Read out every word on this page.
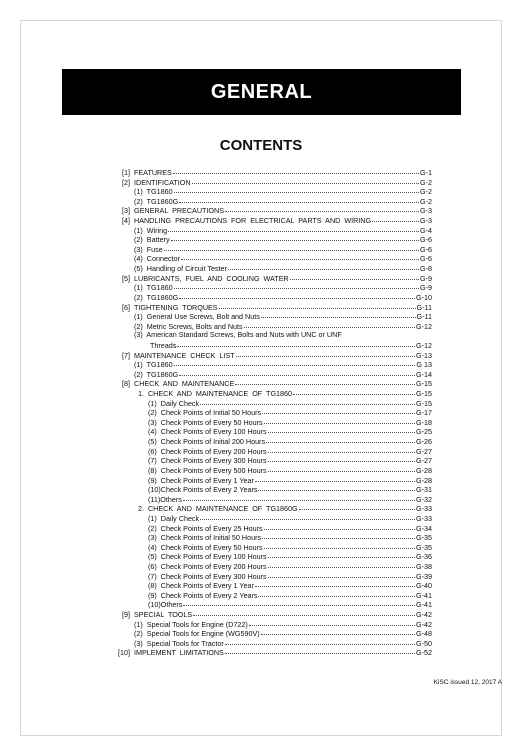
GENERAL
CONTENTS
[1] FEATURES	G-1
[2] IDENTIFICATION	G-2
(1)  TG1860	G-2
(2)  TG1860G	G-2
[3] GENERAL  PRECAUTIONS	G-3
[4] HANDLING  PRECAUTIONS  FOR  ELECTRICAL  PARTS  AND  WIRING	G-3
(1)  Wiring	G-4
(2)  Battery	G-6
(3)  Fuse	G-6
(4)  Connector	G-6
(5)  Handling of Circuit Tester	G-8
[5] LUBRICANTS,  FUEL  AND  COOLING  WATER	G-9
(1)  TG1860	G-9
(2)  TG1860G	G-10
[6] TIGHTENING  TORQUES	G-11
(1)  General Use Screws, Bolt and Nuts	G-11
(2)  Metric Screws, Bolts and Nuts	G-12
(3)  American Standard Screws, Bolts and Nuts with UNC or UNF
Threads	G-12
[7] MAINTENANCE  CHECK  LIST	G-13
(1)  TG1860	G 13
(2)  TG1860G	G-14
[8] CHECK  AND  MAINTENANCE	G-15
1.  CHECK  AND  MAINTENANCE  OF  TG1860	G-15
(1)  Daily Check	G-15
(2)  Check Points of Initial 50 Hours	G-17
(3)  Check Points of Every 50 Hours	G-18
(4)  Check Points of Every 100 Hours	G-25
(5)  Check Points of Initial 200 Hours	G-26
(6)  Check Points of Every 200 Hours	G-27
(7)  Check Points of Every 300 Hours	G-27
(8)  Check Points of Every 500 Hours	G-28
(9)  Check Points of Every 1 Year	G-28
(10)Check Points of Every 2 Years	G-31
(11)Others	G-32
2.  CHECK  AND  MAINTENANCE  OF  TG1860G	G-33
(1)  Daily Check	G-33
(2)  Check Points of Every 25 Hours	G-34
(3)  Check Points of Initial 50 Hours	G-35
(4)  Check Points of Every 50 Hours	G-35
(5)  Check Points of Every 100 Hours	G-36
(6)  Check Points of Every 200 Hours	G-38
(7)  Check Points of Every 300 Hours	G-39
(8)  Check Points of Every 1 Year	G-40
(9)  Check Points of Every 2 Years	G-41
(10)Others	G-41
[9] SPECIAL  TOOLS	G-42
(1)  Special Tools for Engine (D722)	G-42
(2)  Special Tools for Engine (WG590V)	G-48
(3)  Special Tools for Tractor	G-50
[10] IMPLEMENT  LIMITATIONS	G-52
KiSC issued 12, 2017 A
